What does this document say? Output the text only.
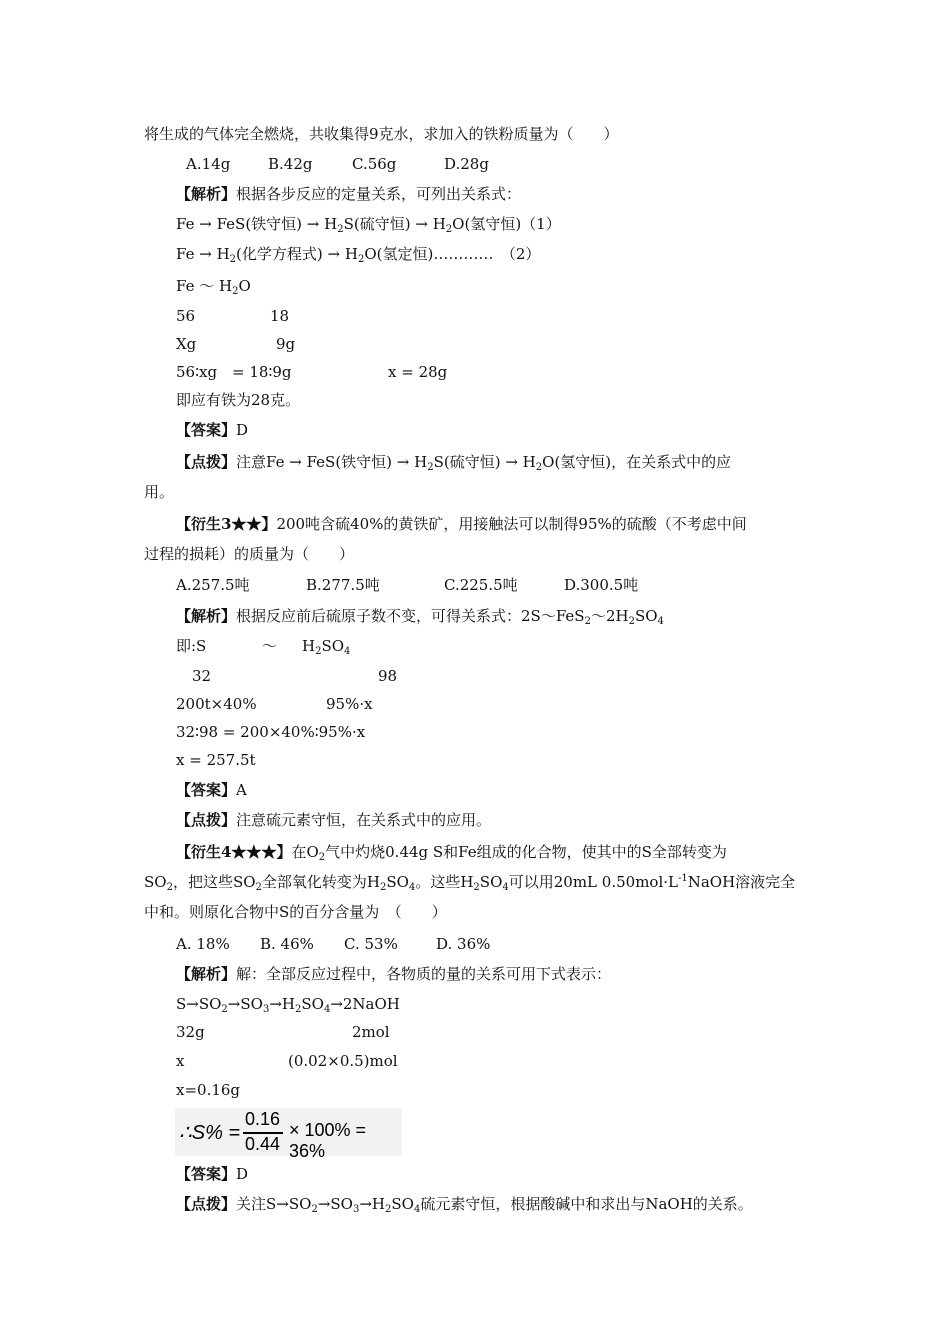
将生成的气体完全燃烧，共收集得9克水，求加入的铁粉质量为（　　）
A.14g	B.42g	C.56g	D.28g
【解析】根据各步反应的定量关系，可列出关系式：
Fe → FeS(铁守恒) → $H_2S$(硫守恒) → $H_2O$(氢守恒)（1）
$Fe \to H_2$(化学方程式) → $H_2O$(氢定恒)…………　（2）
Fe ～ $H_2O$
56	18
Xg	9g
56∶xg　= 18∶9g	x = 28g
即应有铁为28克。
【答案】D
【点拨】注意Fe → FeS(铁守恒) → $H_2S$(硫守恒) → $H_2O$(氢守恒)，在关系式中的应
用。
【衍生3★★】200吨含硫40%的黄铁矿，用接触法可以制得95%的硫酸（不考虑中间
过程的损耗）的质量为（　　）
A.257.5吨	B.277.5吨	C.225.5吨	D.300.5吨
【解析】根据反应前后硫原子数不变，可得关系式：$2S\sim FeS_2\sim 2H_2SO_4$
即:S	～ $H_2SO_4$
32	98
200t×40%	95%·x
32∶98 = 200×40%∶95%·x
x = 257.5t
【答案】A
【点拨】注意硫元素守恒，在关系式中的应用。
【衍生4★★★】在$O_2$气中灼烧0.44g S和Fe组成的化合物，使其中的S全部转变为
$SO_2$，把这些$SO_2$全部氧化转变为$H_2SO_4$。这些$H_2SO_4$可以用20mL $0.50mol\cdot L^{-1}NaOH$溶液完全
中和。则原化合物中S的百分含量为　（　　）
A. 18% B. 46% C. 53%	D. 36%
【解析】解：全部反应过程中，各物质的量的关系可用下式表示：
$S\to SO_2\to SO_3\to H_2SO_4\to 2NaOH$
32g	2mol
x	(0.02×0.5)mol
x=0.16g
∴S% =
0.16
0.44
× 100% = 36%
【答案】D
【点拨】关注$S\to SO_2\to SO_3\to H_2SO_4$硫元素守恒，根据酸碱中和求出与NaOH的关系。
